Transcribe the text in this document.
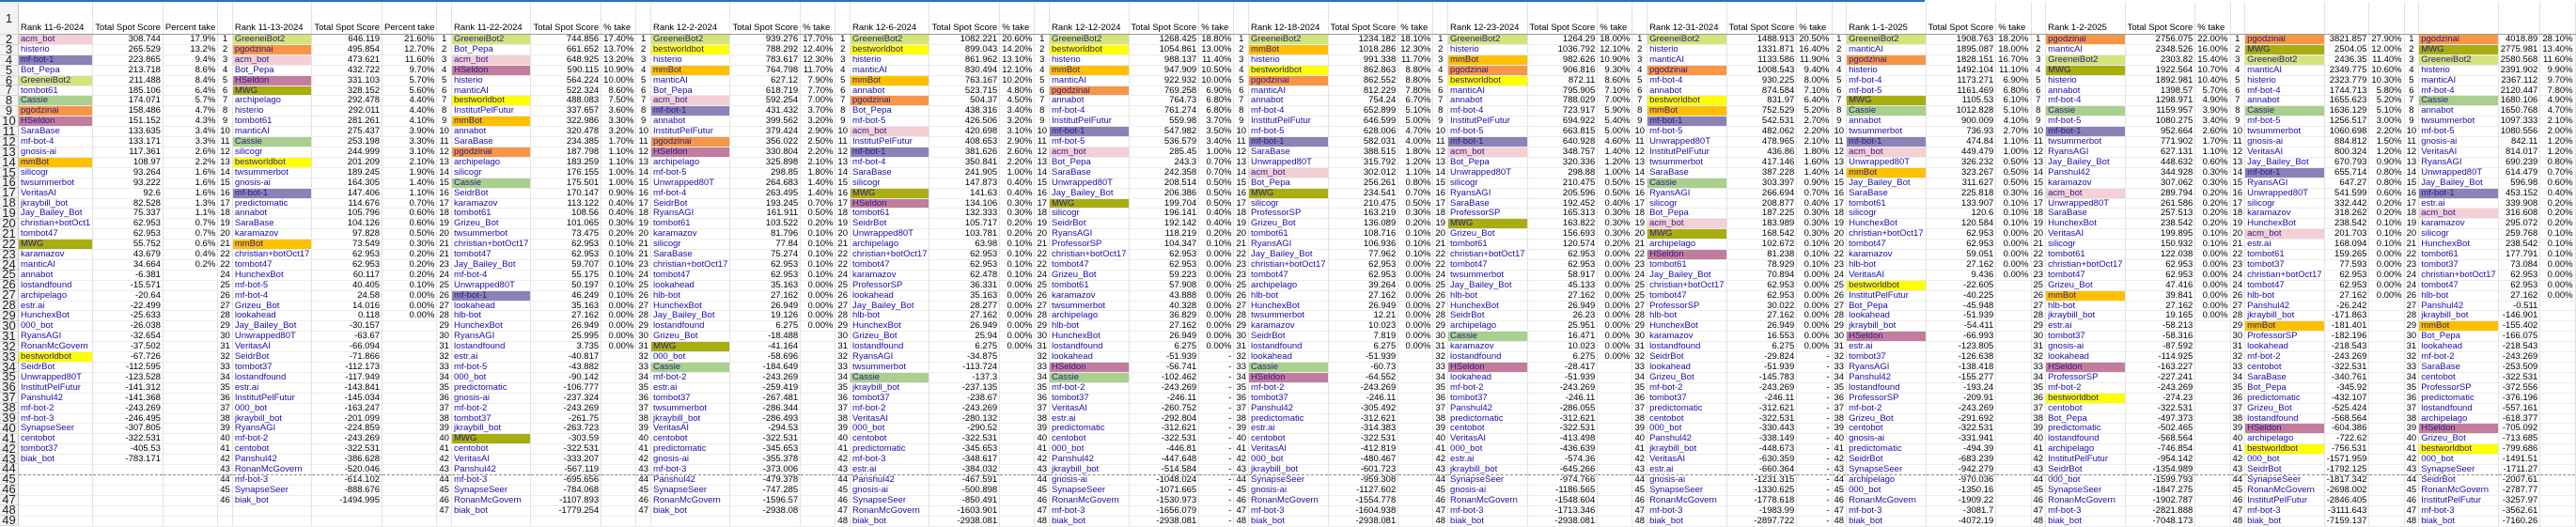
1
2
3
4
5
6
7
8
9
10
11
12
13
14
15
16
17
18
19
20
21
22
23
24
25
26
27
28
29
30
31
32
33
34
35
36
37
38
39
40
41
42
43
44
45
46
47
48
49
Rank 11-6-2024	Total Spot Score	Percent take		Rank 11-13-2024	Total Spot Score	Percent take		Rank 11-22-2024	Total Spot Score	% take		Rank 12-2-2024	Total Spot Score	% take		Rank 12-6-2024	Total Spot Score	% take		Rank 12-12-2024	Total Spot Score	% take		Rank 12-18-2024	Total Spot Score	% take		Rank 12-23-2024	Total Spot Score	% take		Rank 12-31-2024	Total Spot Score	% take		Rank 1-1-2025	Total Spot Score	% take		Rank 1-2-2025	Total Spot Score	% take								
acm_bot	308.744	17.9%	1	GreeneiBot2	646.119	21.60%	1	GreeneiBot2	744.856	17.40%	1	GreeneiBot2	939.276	17.70%	1	GreeneiBot2	1082.221	20.60%	1	GreeneiBot2	1268.425	18.80%	1	GreeneiBot2	1234.182	18.10%	1	GreeneiBot2	1264.29	18.00%	1	GreeneiBot2	1488.913	20.50%	1	GreeneiBot2	1908.763	18.20%	1	pgodzinai	2756.075	22.00%	1	pgodzinai	3821.857	27.90%	1	pgodzinai	4018.89	28.10%
histerio	265.529	13.2%	2	pgodzinai	495.854	12.70%	2	Bot_Pepa	661.652	13.70%	2	bestworldbot	788.292	12.40%	2	bestworldbot	899.043	14.20%	2	bestworldbot	1054.861	13.00%	2	mmBot	1018.286	12.30%	2	histerio	1036.792	12.10%	2	histerio	1331.871	16.40%	2	manticAI	1895.087	18.00%	2	manticAI	2348.526	16.00%	2	MWG	2504.05	12.00%	2	MWG	2775.981	13.40%
mf-bot-1	223.865	9.4%	3	acm_bot	473.621	11.60%	3	acm_bot	648.925	13.20%	3	histerio	783.617	12.30%	3	histerio	861.962	13.10%	3	histerio	988.137	11.40%	3	histerio	991.338	11.70%	3	mmBot	982.626	10.90%	3	manticAI	1133.586	11.90%	3	pgodzinai	1828.151	16.70%	3	GreeneiBot2	2303.82	15.40%	3	GreeneiBot2	2436.35	11.40%	3	GreeneiBot2	2580.568	11.60%
Bot_Pepa	213.718	8.6%	4	Bot_Pepa	432.722	9.70%	4	HSeldon	590.115	10.90%	4	mmBot	764.798	11.70%	4	manticAI	830.494	12.10%	4	mmBot	947.909	10.50%	4	bestworldbot	862.863	8.80%	4	pgodzinai	906.816	9.30%	4	pgodzinai	1008.543	9.40%	4	histerio	1492.104	11.10%	4	MWG	1922.564	10.70%	4	manticAI	2349.775	10.60%	4	histerio	2391.902	9.90%
GreeneiBot2	211.488	8.4%	5	HSeldon	331.103	5.70%	5	histerio	564.224	10.00%	5	manticAI	627.12	7.90%	5	mmBot	763.167	10.20%	5	manticAI	922.932	10.00%	5	pgodzinai	862.552	8.80%	5	bestworldbot	872.11	8.60%	5	mf-bot-4	930.225	8.00%	5	mf-bot-4	1173.271	6.90%	5	histerio	1892.981	10.40%	5	histerio	2323.779	10.30%	5	manticAI	2367.112	9.70%
tombot61	185.106	6.4%	6	MWG	328.152	5.60%	6	manticAI	522.324	8.60%	6	Bot_Pepa	618.719	7.70%	6	annabot	523.715	4.80%	6	pgodzinai	769.258	6.90%	6	manticAI	812.229	7.80%	6	manticAI	795.905	7.10%	6	annabot	874.584	7.10%	6	mf-bot-5	1161.469	6.80%	6	annabot	1398.57	5.70%	6	mf-bot-4	1744.713	5.80%	6	mf-bot-4	2120.447	7.80%
Cassie	174.071	5.7%	7	archipelago	292.478	4.40%	7	bestworldbot	488.083	7.50%	7	acm_bot	592.254	7.00%	7	pgodzinai	504.37	4.50%	7	annabot	764.73	6.80%	7	annabot	754.24	6.70%	7	annabot	788.029	7.00%	7	bestworldbot	831.97	6.40%	7	MWG	1105.53	6.10%	7	mf-bot-4	1298.971	4.90%	7	annabot	1655.623	5.20%	7	Cassie	1680.106	4.90%
pgodzinai	158.486	4.7%	8	histerio	292.011	4.40%	8	InstitutPelFutur	337.657	3.60%	8	mf-bot-1	431.432	3.70%	8	Bot_Pepa	438.316	3.40%	8	mf-bot-4	761.274	6.80%	8	mf-bot-4	652.899	5.10%	8	mf-bot-4	723.917	5.90%	8	mmBot	752.529	5.20%	8	Cassie	1012.828	5.10%	8	Cassie	1159.957	3.90%	8	Cassie	1636.129	5.10%	8	annabot	1650.768	4.70%
HSeldon	151.152	4.3%	9	tombot61	281.261	4.10%	9	mmBot	322.986	3.30%	9	annabot	399.562	3.20%	9	mf-bot-5	426.506	3.20%	9	InstitutPelFutur	559.98	3.70%	9	InstitutPelFutur	646.599	5.00%	9	InstitutPelFutur	694.922	5.40%	9	mf-bot-1	542.531	2.70%	9	annabot	900.009	4.10%	9	mf-bot-5	1080.275	3.40%	9	mf-bot-5	1256.517	3.00%	9	twsummerbot	1097.333	2.10%
SaraBase	133.635	3.4%	10	manticAI	275.437	3.90%	10	annabot	320.478	3.20%	10	InstitutPelFutur	379.424	2.90%	10	acm_bot	420.698	3.10%	10	mf-bot-1	547.982	3.50%	10	mf-bot-5	628.006	4.70%	10	mf-bot-5	663.815	5.00%	10	mf-bot-5	482.062	2.20%	10	twsummerbot	736.93	2.70%	10	mf-bot-1	952.664	2.60%	10	twsummerbot	1060.698	2.20%	10	mf-bot-5	1080.556	2.00%
mf-bot-4	133.171	3.3%	11	Cassie	253.198	3.30%	11	SaraBase	234.385	1.70%	11	pgodzinai	356.022	2.50%	11	InstitutPelFutur	408.653	2.90%	11	mf-bot-5	536.579	3.40%	11	mf-bot-1	582.031	4.00%	11	mf-bot-1	640.928	4.60%	11	Unwrapped80T	478.965	2.10%	11	mf-bot-1	474.84	1.10%	11	twsummerbot	771.902	1.70%	11	gnosis-ai	884.812	1.50%	11	gnosis-ai	842.11	1.20%
gnosis-ai	117.361	2.6%	12	silicogr	244.999	3.10%	12	pgodzinai	187.798	1.10%	12	HSeldon	330.804	2.20%	12	mf-bot-1	381.626	2.60%	12	acm_bot	285.45	1.00%	12	SaraBase	388.515	1.80%	12	acm_bot	348.757	1.40%	12	InstitutPelFutur	436.86	1.80%	12	acm_bot	449.479	1.00%	12	RyansAGI	627.131	1.10%	12	VeritasAI	800.324	1.20%	12	VeritasAI	814.017	1.20%
mmBot	108.97	2.2%	13	bestworldbot	201.209	2.10%	13	archipelago	183.259	1.10%	13	archipelago	325.898	2.10%	13	mf-bot-4	350.841	2.20%	13	Bot_Pepa	243.3	0.70%	13	Unwrapped80T	315.792	1.20%	13	Bot_Pepa	320.336	1.20%	13	twsummerbot	417.146	1.60%	13	Unwrapped80T	326.232	0.50%	13	Jay_Bailey_Bot	448.632	0.60%	13	Jay_Bailey_Bot	670.793	0.90%	13	RyansAGI	690.239	0.80%
silicogr	93.264	1.6%	14	twsummerbot	189.245	1.90%	14	silicogr	176.155	1.00%	14	mf-bot-5	298.85	1.80%	14	SaraBase	241.905	1.00%	14	SaraBase	242.358	0.70%	14	acm_bot	302.012	1.10%	14	Unwrapped80T	298.88	1.00%	14	SaraBase	387.228	1.40%	14	mmBot	323.267	0.50%	14	Panshul42	344.928	0.30%	14	mf-bot-1	655.714	0.80%	14	Unwrapped80T	614.479	0.70%
twsummerbot	93.222	1.6%	15	gnosis-ai	164.305	1.40%	15	Cassie	175.501	1.00%	15	Unwrapped80T	264.683	1.40%	15	silicogr	147.873	0.40%	15	Unwrapped80T	208.514	0.50%	15	Bot_Pepa	256.261	0.80%	15	silicogr	210.475	0.50%	15	Cassie	303.397	0.90%	15	Jay_Bailey_Bot	311.627	0.50%	15	karamazov	307.062	0.30%	15	RyansAGI	647.27	0.80%	15	Jay_Bailey_Bot	596.98	0.60%
VeritasAI	92.6	1.6%	16	mf-bot-1	147.406	1.10%	16	SeidrBot	170.147	0.90%	16	mf-bot-4	263.495	1.40%	16	MWG	141.63	0.40%	16	Jay_Bailey_Bot	206.386	0.50%	16	MWG	234.541	0.70%	16	RyansAGI	205.596	0.50%	16	RyansAGI	266.694	0.70%	16	SaraBase	225.818	0.30%	16	acm_bot	289.794	0.20%	16	Unwrapped80T	541.599	0.60%	16	mf-bot-1	453.152	0.40%
jkraybill_bot	82.528	1.3%	17	predictomatic	114.676	0.70%	17	karamazov	113.122	0.40%	17	SeidrBot	193.245	0.70%	17	HSeldon	134.106	0.30%	17	MWG	199.704	0.50%	17	silicogr	210.475	0.50%	17	SaraBase	192.452	0.40%	17	silicogr	208.877	0.40%	17	tombot61	133.907	0.10%	17	Unwrapped80T	261.586	0.20%	17	silicogr	332.442	0.20%	17	estr.ai	339.908	0.20%
Jay_Bailey_Bot	75.337	1.1%	18	annabot	105.796	0.60%	18	tombot61	108.56	0.40%	18	RyansAGI	161.911	0.50%	18	tombot61	132.333	0.30%	18	silicogr	196.141	0.40%	18	ProfessorSP	163.219	0.30%	18	ProfessorSP	165.313	0.30%	18	Bot_Pepa	187.225	0.30%	18	silicogr	120.6	0.10%	18	SaraBase	257.513	0.20%	18	karamazov	318.262	0.20%	18	acm_bot	316.608	0.20%
christian+botOct1	62.953	0.7%	19	SaraBase	104.126	0.60%	19	Grizeu_Bot	101.065	0.30%	19	tombot61	103.522	0.20%	19	SeidrBot	105.717	0.20%	19	SeidrBot	192.142	0.40%	19	Grizeu_Bot	136.089	0.20%	19	MWG	163.822	0.30%	19	acm_bot	183.989	0.30%	19	HunchexBot	120.584	0.10%	19	HunchexBot	238.542	0.20%	19	HunchexBot	238.542	0.10%	19	karamazov	295.072	0.20%
tombot47	62.953	0.7%	20	karamazov	97.828	0.50%	20	twsummerbot	73.475	0.20%	20	karamazov	81.796	0.10%	20	Unwrapped80T	103.781	0.20%	20	RyansAGI	118.219	0.20%	20	tombot61	108.716	0.10%	20	Grizeu_Bot	156.693	0.30%	20	MWG	168.542	0.30%	20	christian+botOct17	62.953	0.00%	20	VeritasAI	199.895	0.10%	20	acm_bot	201.703	0.10%	20	silicogr	259.768	0.10%
MWG	55.752	0.6%	21	mmBot	73.549	0.30%	21	christian+botOct17	62.953	0.10%	21	silicogr	77.84	0.10%	21	archipelago	63.98	0.10%	21	ProfessorSP	104.347	0.10%	21	RyansAGI	106.936	0.10%	21	tombot61	120.574	0.20%	21	archipelago	102.672	0.10%	20	tombot47	62.953	0.00%	21	silicogr	150.932	0.10%	21	estr.ai	168.094	0.10%	21	HunchexBot	238.542	0.10%
karamazov	43.679	0.4%	22	christian+botOct17	62.953	0.20%	21	tombot47	62.953	0.10%	21	SaraBase	75.274	0.10%	22	christian+botOct17	62.953	0.10%	22	christian+botOct17	62.953	0.00%	22	Jay_Bailey_Bot	77.962	0.10%	22	christian+botOct17	62.953	0.00%	22	HSeldon	81.238	0.10%	22	karamazov	59.051	0.00%	22	tombot61	122.038	0.00%	22	tombot61	159.265	0.00%	22	tombot61	177.791	0.10%
manticAI	34.664	0.2%	22	tombot47	62.953	0.20%	23	Jay_Bailey_Bot	59.707	0.10%	23	christian+botOct17	62.953	0.10%	22	tombot47	62.953	0.10%	22	tombot47	62.953	0.00%	23	christian+botOct17	62.953	0.00%	22	tombot47	62.953	0.00%	23	tombot61	78.929	0.10%	23	hlb-bot	27.162	0.00%	23	christian+botOct17	62.953	0.00%	23	tombot37	77.593	0.00%	23	tombot37	73.084	0.00%
annabot	-6.381		24	HunchexBot	60.117	0.20%	24	mf-bot-4	55.175	0.10%	24	tombot47	62.953	0.10%	24	karamazov	62.478	0.10%	24	Grizeu_Bot	59.223	0.00%	23	tombot47	62.953	0.00%	24	twsummerbot	58.917	0.00%	24	Jay_Bailey_Bot	70.894	0.00%	24	VeritasAI	9.436	0.00%	23	tombot47	62.953	0.00%	24	christian+botOct17	62.953	0.00%	24	christian+botOct17	62.953	0.00%
lostandfound	-15.571		25	mf-bot-5	40.405	0.10%	25	Unwrapped80T	50.197	0.10%	25	lookahead	35.163	0.00%	25	ProfessorSP	36.331	0.00%	25	tombot61	57.908	0.00%	25	archipelago	39.264	0.00%	25	Jay_Bailey_Bot	45.133	0.00%	25	christian+botOct17	62.953	0.00%	25	bestworldbot	-22.605		25	Grizeu_Bot	47.416	0.00%	24	tombot47	62.953	0.00%	24	tombot47	62.953	0.00%
archipelago	-20.64		26	mf-bot-4	24.58	0.00%	26	mf-bot-1	46.249	0.10%	26	hlb-bot	27.162	0.00%	26	lookahead	35.163	0.00%	26	karamazov	43.888	0.00%	26	hlb-bot	27.162	0.00%	26	hlb-bot	27.162	0.00%	25	tombot47	62.953	0.00%	26	InstitutPelFutur	-40.225		26	mmBot	39.841	0.00%	26	hlb-bot	27.162	0.00%	26	hlb-bot	27.162	0.00%
estr.ai	-22.499		27	Grizeu_Bot	14.016	0.00%	27	lookahead	35.163	0.00%	27	HunchexBot	26.949	0.00%	27	Jay_Bailey_Bot	28.277	0.00%	27	twsummerbot	40.328	0.00%	27	HunchexBot	26.949	0.00%	27	HunchexBot	26.949	0.00%	27	ProfessorSP	30.022	0.00%	27	Bot_Pepa	-45.948		27	hlb-bot	27.162	0.00%	27	Panshul42	-26.242		27	Panshul42	-0.511	
HunchexBot	-25.633		28	lookahead	0.118	0.00%	28	hlb-bot	27.162	0.00%	28	Jay_Bailey_Bot	19.126	0.00%	28	hlb-bot	27.162	0.00%	28	archipelago	36.829	0.00%	28	twsummerbot	12.21	0.00%	28	SeidrBot	26.23	0.00%	28	hlb-bot	27.162	0.00%	28	lookahead	-51.939		28	jkraybill_bot	19.165	0.00%	28	jkraybill_bot	-171.863		28	jkraybill_bot	-146.901	
000_bot	-26.038		29	Jay_Bailey_Bot	-30.157		29	HunchexBot	26.949	0.00%	29	lostandfound	6.275	0.00%	29	HunchexBot	26.949	0.00%	29	hlb-bot	27.162	0.00%	29	karamazov	10.023	0.00%	29	archipelago	25.951	0.00%	29	HunchexBot	26.949	0.00%	29	jkraybill_bot	-54.411		29	estr.ai	-58.213		29	mmBot	-181.401		29	mmBot	-155.402	
RyansAGI	-32.654		30	Unwrapped80T	-63.67		30	RyansAGI	25.995	0.00%	30	Grizeu_Bot	-18.488		30	Grizeu_Bot	25.94	0.00%	30	HunchexBot	26.949	0.00%	30	SeidrBot	7.819	0.00%	30	Cassie	16.471	0.00%	30	karamazov	16.553	0.00%	30	HSeldon	-66.993		30	tombot37	-58.316		30	ProfessorSP	-182.196		30	Bot_Pepa	-166.075	
RonanMcGovern	-37.502		31	VeritasAI	-66.094		31	lostandfound	3.735	0.00%	31	MWG	-41.164		31	lostandfound	6.275	0.00%	31	lostandfound	6.275	0.00%	31	lostandfound	6.275	0.00%	31	karamazov	10.023	0.00%	31	lostandfound	6.275	0.00%	31	estr.ai	-123.805		31	gnosis-ai	-87.592		31	lookahead	-218.543		31	lookahead	-218.543	
bestworldbot	-67.726		32	SeidrBot	-71.866		32	estr.ai	-40.817		32	000_bot	-58.696		32	RyansAGI	-34.875		32	lookahead	-51.939	-	32	lookahead	-51.939		32	lostandfound	6.275	0.00%	32	SeidrBot	-29.824	-	32	tombot37	-126.638		32	lookahead	-114.925		32	mf-bot-2	-243.269		32	mf-bot-2	-243.269	
SeidrBot	-112.595		33	tombot37	-112.173		33	mf-bot-5	-43.882		33	Cassie	-184.649		33	twsummerbot	-113.724		33	HSeldon	-56.741	-	33	Cassie	-60.73		33	HSeldon	-28.417		33	lookahead	-51.939	-	33	RyansAGI	-138.418		33	HSeldon	-163.227		33	centobot	-322.531		33	SaraBase	-253.509	
Unwrapped80T	-123.528		34	lostandfound	-117.949		34	000_bot	-90.142		34	mf-bot-2	-243.269		34	Cassie	-137.3		34	Cassie	-102.462	-	34	HSeldon	-64.552		34	lookahead	-51.939		34	Grizeu_Bot	-145.783	-	34	Panshul42	-155.277		34	ProfessorSP	-227.241		34	SaraBase	-340.761		34	centobot	-322.531	
InstitutPelFutur	-141.312		35	estr.ai	-143.841		35	predictomatic	-106.777		35	estr.ai	-259.419		35	jkraybill_bot	-237.135		35	mf-bot-2	-243.269	-	35	mf-bot-2	-243.269		35	mf-bot-2	-243.269		35	mf-bot-2	-243.269	-	35	lostandfound	-193.24		35	mf-bot-2	-243.269		35	Bot_Pepa	-345.92		35	ProfessorSP	-372.556	
Panshul42	-141.368		36	InstitutPelFutur	-145.034		36	gnosis-ai	-237.324		36	tombot37	-267.481		36	tombot37	-238.67		36	tombot37	-246.11	-	36	tombot37	-246.11		36	tombot37	-246.11		36	tombot37	-246.11	-	36	ProfessorSP	-209.91		36	bestworldbot	-274.23		36	predictomatic	-432.107		36	predictomatic	-376.196	
mf-bot-2	-243.269		37	000_bot	-163.247		37	mf-bot-2	-243.269		37	twsummerbot	-286.344		37	mf-bot-2	-243.269		37	VeritasAI	-260.752	-	37	Panshul42	-305.492		37	Panshul42	-286.055		37	predictomatic	-312.621	-	37	mf-bot-2	-243.269		37	centobot	-322.531		37	Grizeu_Bot	-525.424		37	lostandfound	-557.161	
mf-bot-3	-246.495		38	jkraybill_bot	-201.099		38	tombot37	-261.75		38	jkraybill_bot	-286.493		38	VeritasAI	-280.132		38	estr.ai	-292.804	-	38	predictomatic	-312.621		38	predictomatic	-312.621		38	centobot	-322.531	-	38	Grizeu_Bot	-291.692		38	Bot_Pepa	-497.373		38	lostandfound	-568.564		38	archipelago	-618.377	
SynapseSeer	-307.805		39	RyansAGI	-224.859		39	jkraybill_bot	-263.723		39	VeritasAI	-294.53		39	000_bot	-290.52		39	predictomatic	-312.621	-	39	estr.ai	-314.383		39	centobot	-322.531		39	000_bot	-330.443	-	39	centobot	-322.531		39	predictomatic	-502.465		39	HSeldon	-604.386		39	HSeldon	-705.092	
centobot	-322.531		40	mf-bot-2	-243.269		40	MWG	-303.59		40	centobot	-322.531		40	centobot	-322.531		40	centobot	-322.531	-	40	centobot	-322.531		40	VeritasAI	-413.498		40	Panshul42	-338.149	-	40	gnosis-ai	-331.941		40	lostandfound	-568.564		40	archipelago	-722.62		40	Grizeu_Bot	-713.685	
tombot37	-405.53		41	centobot	-322.531		41	centobot	-322.531		41	predictomatic	-345.653		41	predictomatic	-345.653		41	000_bot	-446.81	-	41	VeritasAI	-412.819		41	000_bot	-436.639		41	jkraybill_bot	-448.673	-	41	predictomatic	-494.39		41	archipelago	-746.854		41	bestworldbot	-756.531		41	bestworldbot	-799.686	
biak_bot	-783.171		42	Panshul42	-386.628		42	VeritasAI	-333.207		42	gnosis-ai	-355.378		42	mf-bot-3	-348.617		42	Panshul42	-447.648	-	42	000_bot	-480.467		42	estr.ai	-574.36		42	VeritasAI	-630.359	-	42	SeidrBot	-683.239		42	InstitutPelFutur	-954.142		42	000_bot	-1571.959		42	000_bot	-1491.51	
			43	RonanMcGovern	-520.046		43	Panshul42	-567.119		43	mf-bot-3	-373.006		43	estr.ai	-384.032		43	jkraybill_bot	-514.584	-	43	jkraybill_bot	-601.723		43	jkraybill_bot	-645.266		43	estr.ai	-660.364	-	43	SynapseSeer	-942.279		43	SeidrBot	-1354.989		43	SeidrBot	-1792.125		43	SynapseSeer	-1711.27	
			44	mf-bot-3	-614.102		44	mf-bot-3	-695.656		44	Panshul42	-479.378		44	Panshul42	-467.591		44	gnosis-ai	-1048.024	-	44	SynapseSeer	-959.308		44	SynapseSeer	-974.766		44	gnosis-ai	-1231.315	-	44	archipelago	-970.036		44	000_bot	-1599.793		44	SynapseSeer	-1817.342		44	SeidrBot	-2007.61	
			45	SynapseSeer	-888.676		45	SynapseSeer	-784.068		45	SynapseSeer	-747.285		45	gnosis-ai	-500.898		45	SynapseSeer	-1071.665	-	45	gnosis-ai	-1127.602		45	gnosis-ai	-1186.565		45	SynapseSeer	-1330.625	-	45	000_bot	-1350.16		45	SynapseSeer	-1847.275		45	RonanMcGovern	-2698.002		45	RonanMcGovern	-2787.77	
			46	biak_bot	-1494.995		46	RonanMcGovern	-1107.893		46	RonanMcGovern	-1596.57		46	SynapseSeer	-850.491		46	RonanMcGovern	-1530.973	-	46	RonanMcGovern	-1554.778		46	RonanMcGovern	-1548.604		46	RonanMcGovern	-1778.618	-	46	RonanMcGovern	-1909.22		46	RonanMcGovern	-1902.787		46	InstitutPelFutur	-2846.405		46	InstitutPelFutur	-3257.97	
							47	biak_bot	-1779.254		47	biak_bot	-2938.08		47	RonanMcGovern	-1603.901		47	mf-bot-3	-1656.079	-	47	mf-bot-3	-1604.938		47	mf-bot-3	-1713.346		47	mf-bot-3	-1983.99	-	47	mf-bot-3	-3081.7		47	mf-bot-3	-2821.888		47	mf-bot-3	-3111.643		47	mf-bot-3	-3562.61	
															48	biak_bot	-2938.081		48	biak_bot	-2938.081	-	48	biak_bot	-2938.081		48	biak_bot	-2938.081		48	biak_bot	-2897.722	-	48	biak_bot	-4072.19		48	biak_bot	-7048.173		48	biak_bot	-7159.137		48	biak_bot	-7160.26	
